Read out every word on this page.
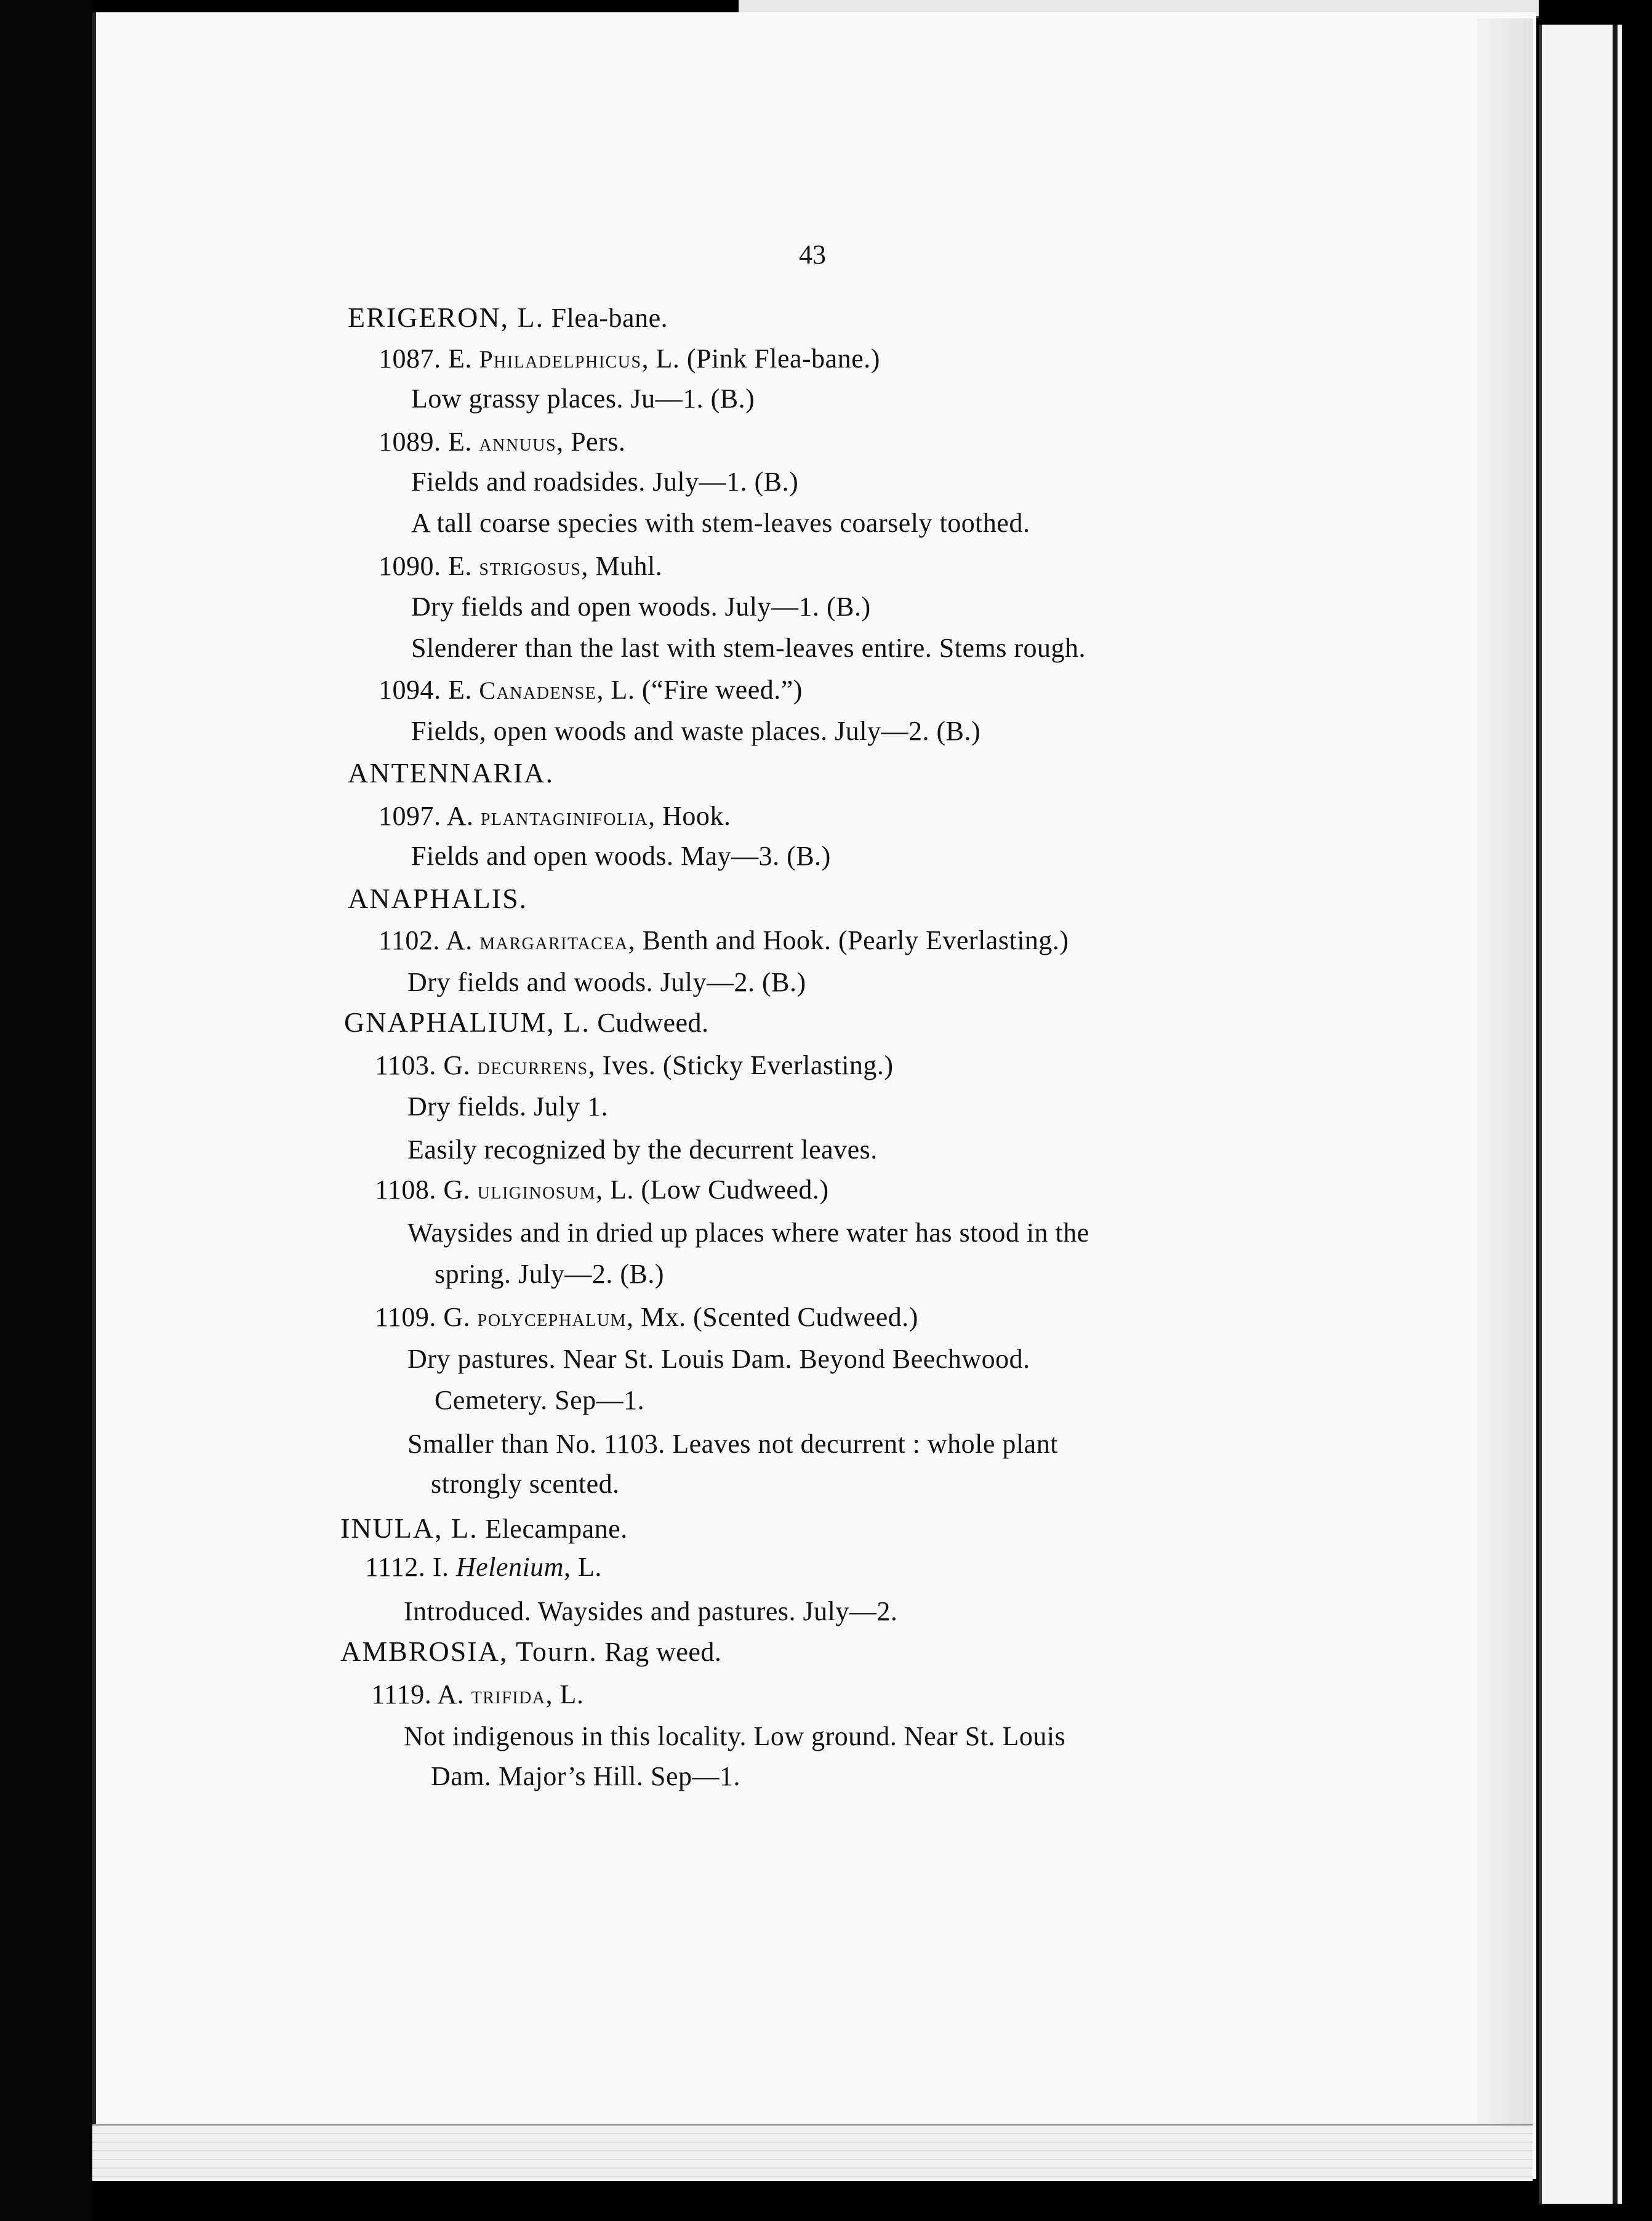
43
ERIGERON, L. Flea-bane.
1087. E. Philadelphicus, L. (Pink Flea-bane.)
Low grassy places. Ju—1. (B.)
1089. E. annuus, Pers.
Fields and roadsides. July—1. (B.)
A tall coarse species with stem-leaves coarsely toothed.
1090. E. strigosus, Muhl.
Dry fields and open woods. July—1. (B.)
Slenderer than the last with stem-leaves entire. Stems rough.
1094. E. Canadense, L. (“Fire weed.”)
Fields, open woods and waste places. July—2. (B.)
ANTENNARIA.
1097. A. plantaginifolia, Hook.
Fields and open woods. May—3. (B.)
ANAPHALIS.
1102. A. margaritacea, Benth and Hook. (Pearly Everlasting.)
Dry fields and woods. July—2. (B.)
GNAPHALIUM, L. Cudweed.
1103. G. decurrens, Ives. (Sticky Everlasting.)
Dry fields. July 1.
Easily recognized by the decurrent leaves.
1108. G. uliginosum, L. (Low Cudweed.)
Waysides and in dried up places where water has stood in the
spring. July—2. (B.)
1109. G. polycephalum, Mx. (Scented Cudweed.)
Dry pastures. Near St. Louis Dam. Beyond Beechwood.
Cemetery. Sep—1.
Smaller than No. 1103. Leaves not decurrent : whole plant
strongly scented.
INULA, L. Elecampane.
1112. I. Helenium, L.
Introduced. Waysides and pastures. July—2.
AMBROSIA, Tourn. Rag weed.
1119. A. trifida, L.
Not indigenous in this locality. Low ground. Near St. Louis
Dam. Major’s Hill. Sep—1.
